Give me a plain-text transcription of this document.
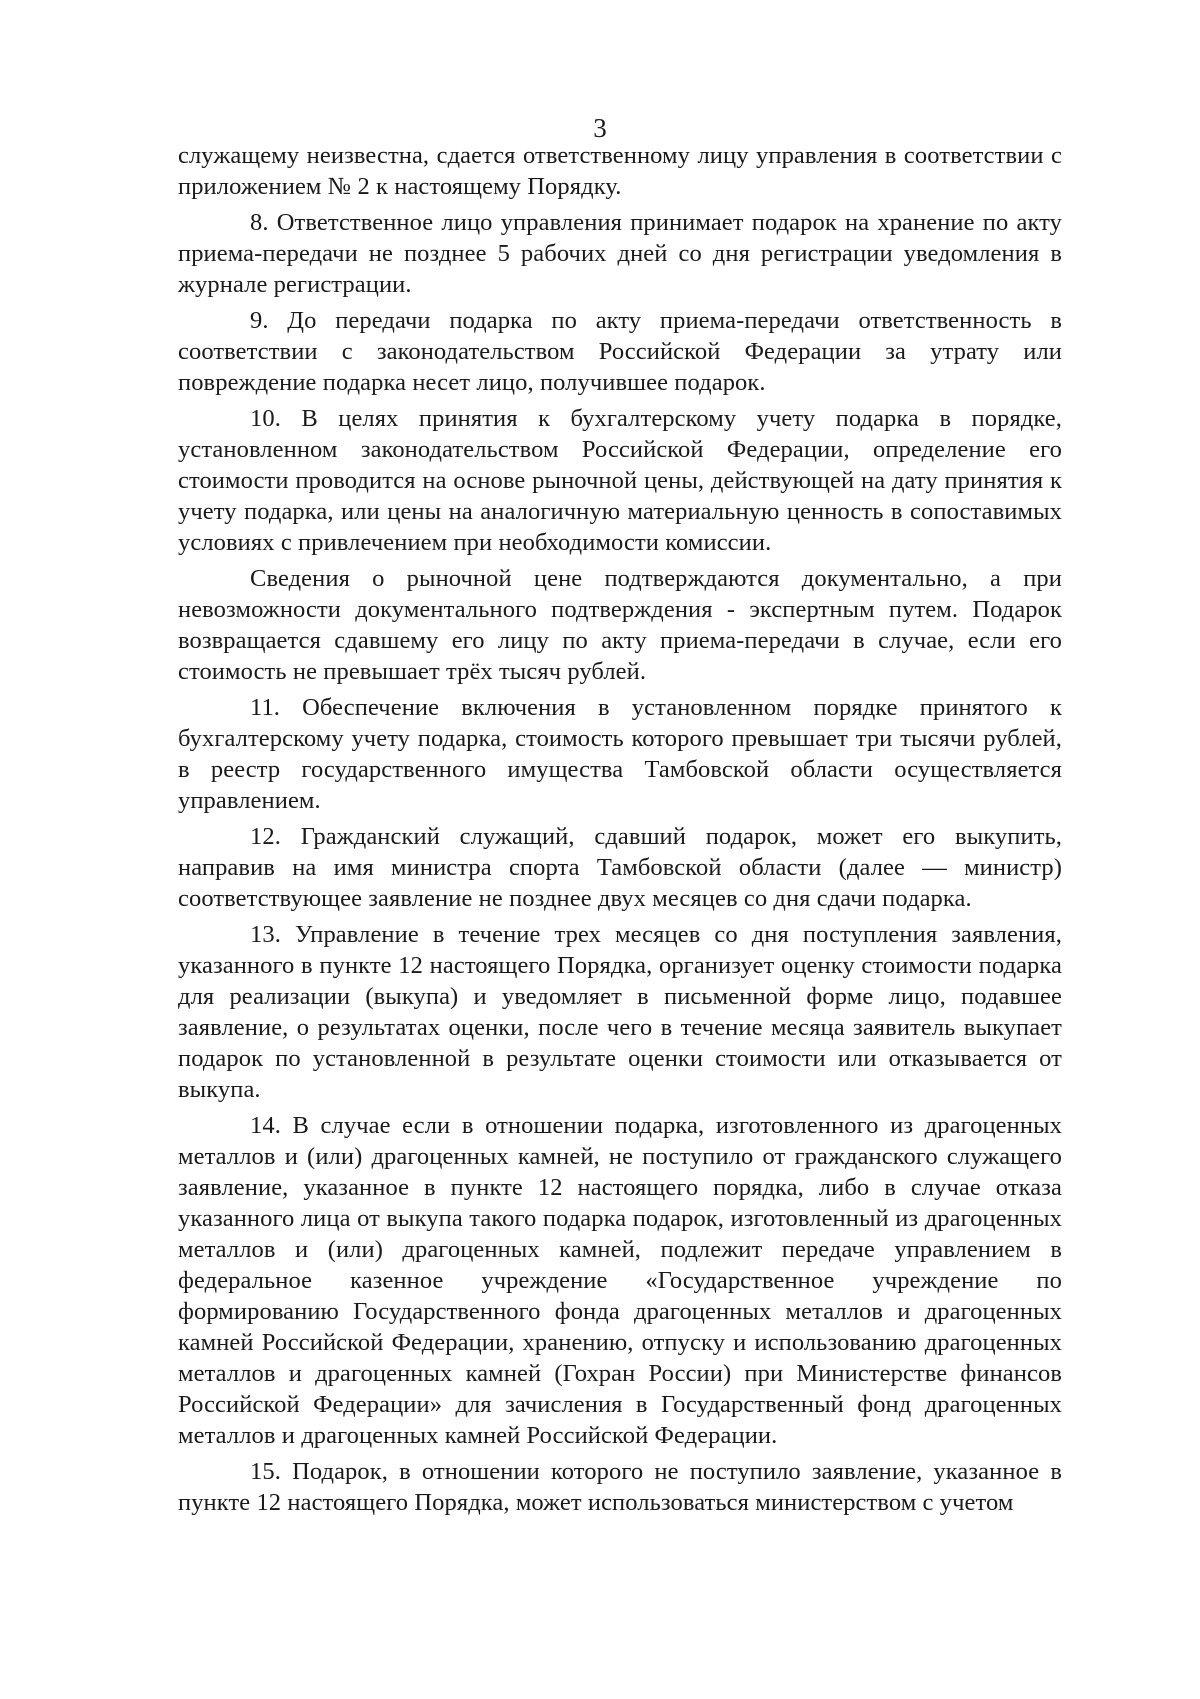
3

служащему неизвестна, сдается ответственному лицу управления в соответствии с приложением № 2 к настоящему Порядку.

8. Ответственное лицо управления принимает подарок на хранение по акту приема-передачи не позднее 5 рабочих дней со дня регистрации уведомления в журнале регистрации.

9. До передачи подарка по акту приема-передачи ответственность в соответствии с законодательством Российской Федерации за утрату или повреждение подарка несет лицо, получившее подарок.

10. В целях принятия к бухгалтерскому учету подарка в порядке, установленном законодательством Российской Федерации, определение его стоимости проводится на основе рыночной цены, действующей на дату принятия к учету подарка, или цены на аналогичную материальную ценность в сопоставимых условиях с привлечением при необходимости комиссии.

Сведения о рыночной цене подтверждаются документально, а при невозможности документального подтверждения - экспертным путем. Подарок возвращается сдавшему его лицу по акту приема-передачи в случае, если его стоимость не превышает трёх тысяч рублей.

11. Обеспечение включения в установленном порядке принятого к бухгалтерскому учету подарка, стоимость которого превышает три тысячи рублей, в реестр государственного имущества Тамбовской области осуществляется управлением.

12. Гражданский служащий, сдавший подарок, может его выкупить, направив на имя министра спорта Тамбовской области (далее — министр) соответствующее заявление не позднее двух месяцев со дня сдачи подарка.

13. Управление в течение трех месяцев со дня поступления заявления, указанного в пункте 12 настоящего Порядка, организует оценку стоимости подарка для реализации (выкупа) и уведомляет в письменной форме лицо, подавшее заявление, о результатах оценки, после чего в течение месяца заявитель выкупает подарок по установленной в результате оценки стоимости или отказывается от выкупа.

14. В случае если в отношении подарка, изготовленного из драгоценных металлов и (или) драгоценных камней, не поступило от гражданского служащего заявление, указанное в пункте 12 настоящего порядка, либо в случае отказа указанного лица от выкупа такого подарка подарок, изготовленный из драгоценных металлов и (или) драгоценных камней, подлежит передаче управлением в федеральное казенное учреждение «Государственное учреждение по формированию Государственного фонда драгоценных металлов и драгоценных камней Российской Федерации, хранению, отпуску и использованию драгоценных металлов и драгоценных камней (Гохран России) при Министерстве финансов Российской Федерации» для зачисления в Государственный фонд драгоценных металлов и драгоценных камней Российской Федерации.

15. Подарок, в отношении которого не поступило заявление, указанное в пункте 12 настоящего Порядка, может использоваться министерством с учетом
